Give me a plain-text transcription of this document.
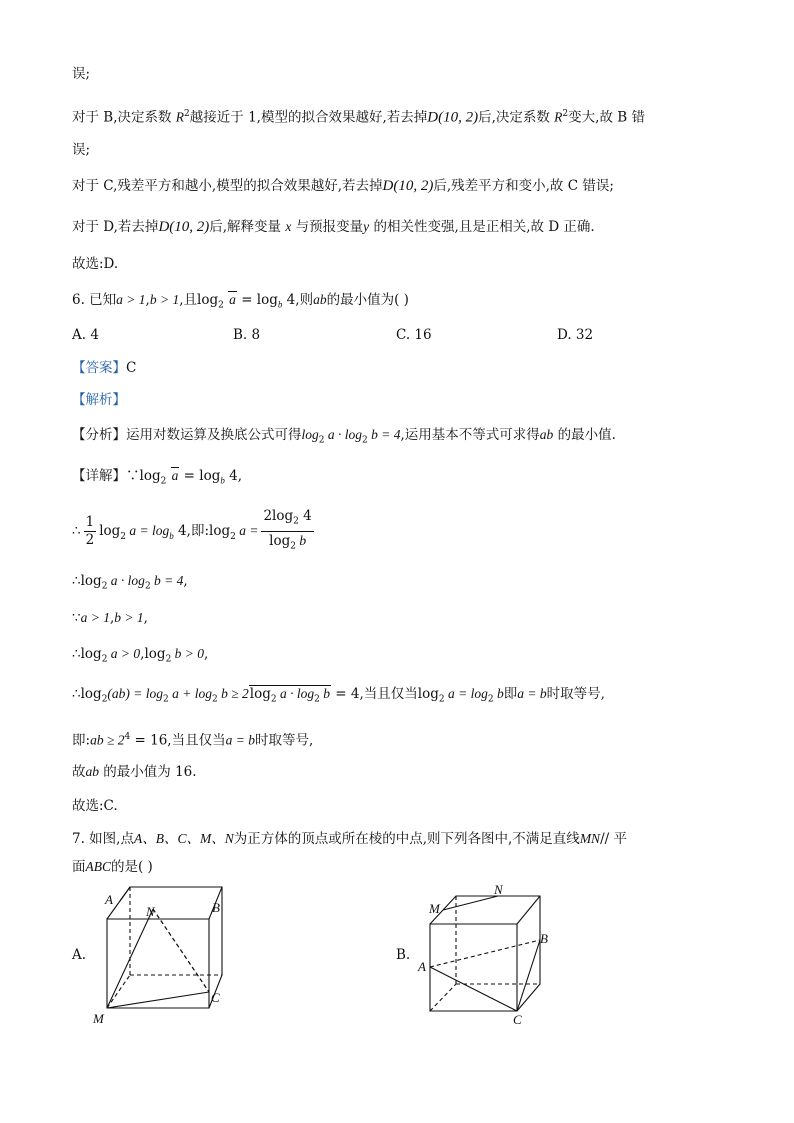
误;
对于 B,决定系数 $R^2$越接近于 1,模型的拟合效果越好,若去掉D(10, 2)后,决定系数 $R^2$变大,故 B 错
误;
对于 C,残差平方和越小,模型的拟合效果越好,若去掉D(10, 2)后,残差平方和变小,故 C 错误;
对于 D,若去掉D(10, 2)后,解释变量 x 与预报变量y 的相关性变强,且是正相关,故 D 正确.
故选:D.
6. 已知a > 1,b > 1,且$\log_2 a = \log_b 4$,则ab的最小值为( )
A. 4	B. 8	C. 16	D. 32
【答案】C
【解析】
【分析】运用对数运算及换底公式可得$\log_2 a \cdot \log_2 b = 4$,运用基本不等式可求得ab 的最小值.
【详解】$\because\log_2$ $a = \log_b 4$,
∴ $\frac{1}{2} \log_2 a = \log_b 4$,即$:\log_2$ $a = \frac{2\log_2 4}{\log_2 b}$
$\therefore\log_2$ $a \cdot \log_2 b = 4$,
∵a > 1,b > 1,
$\therefore\log_2$ $a > 0,\log_2$ b > 0,
$\therefore\log_2(ab) = \log_2 a + \log_2 b \ge 2\log_2$ $a \cdot \log_2 b = 4$,当且仅当$\log_2 a = \log_2 b$即a = b时取等号,
即:ab ≥ $2^4 = 16$,当且仅当a = b时取等号,
故ab 的最小值为 16.
故选:C.
7. 如图,点A、B、C、M、N为正方体的顶点或所在棱的中点,则下列各图中,不满足直线MN// 平
面ABC的是( )
A
B
C
M
N
A.
M
N
A
B
C
B.
